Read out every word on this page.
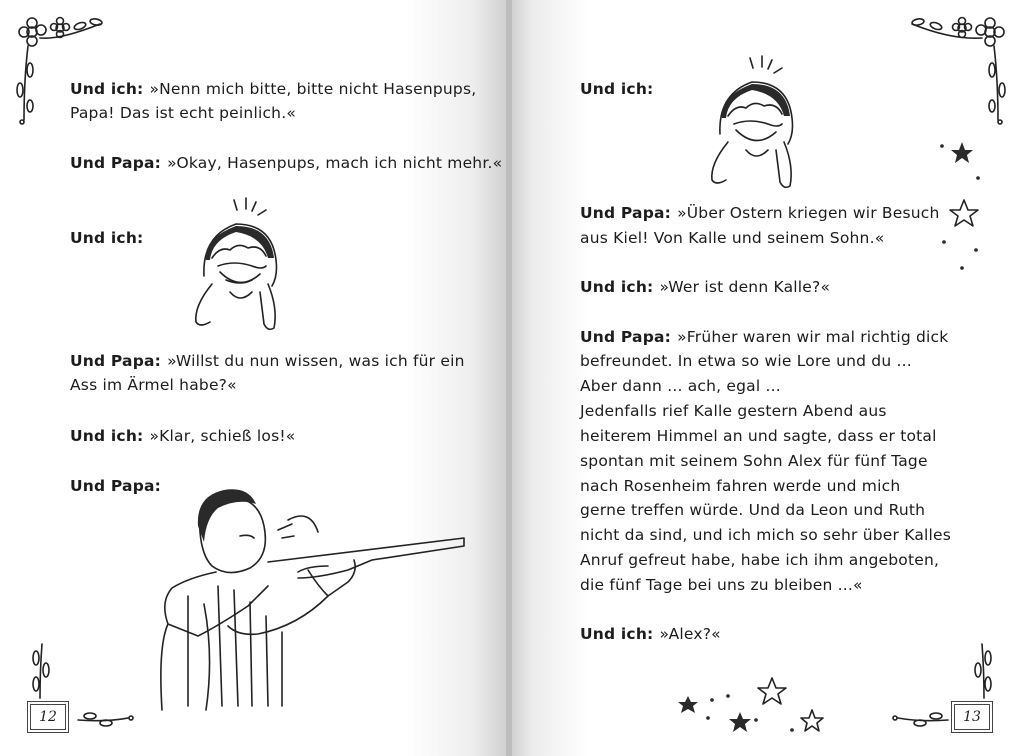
Und ich: »Nenn mich bitte, bitte nicht Hasenpups,
Papa! Das ist echt peinlich.«
Und Papa: »Okay, Hasenpups, mach ich nicht mehr.«
Und ich:
Und Papa: »Willst du nun wissen, was ich für ein
Ass im Ärmel habe?«
Und ich: »Klar, schieß los!«
Und Papa:
12
Und ich:
Und Papa: »Über Ostern kriegen wir Besuch
aus Kiel! Von Kalle und seinem Sohn.«
Und ich: »Wer ist denn Kalle?«
Und Papa: »Früher waren wir mal richtig dick
befreundet. In etwa so wie Lore und du ...
Aber dann ... ach, egal ...
Jedenfalls rief Kalle gestern Abend aus
heiterem Himmel an und sagte, dass er total
spontan mit seinem Sohn Alex für fünf Tage
nach Rosenheim fahren werde und mich
gerne treffen würde. Und da Leon und Ruth
nicht da sind, und ich mich so sehr über Kalles
Anruf gefreut habe, habe ich ihm angeboten,
die fünf Tage bei uns zu bleiben ...«
Und ich: »Alex?«
13
